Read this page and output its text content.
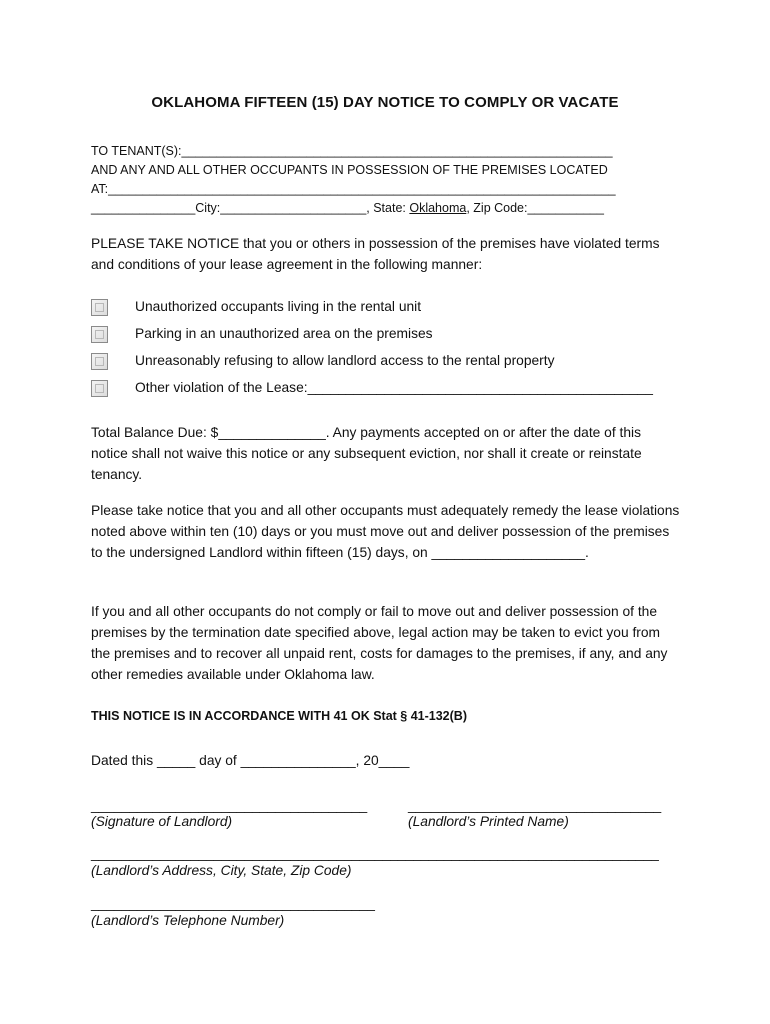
OKLAHOMA FIFTEEN (15) DAY NOTICE TO COMPLY OR VACATE
TO TENANT(S):______________________________________________________________
AND ANY AND ALL OTHER OCCUPANTS IN POSSESSION OF THE PREMISES LOCATED
AT:_________________________________________________________________________
_______________City:_____________________, State: Oklahoma, Zip Code:___________
PLEASE TAKE NOTICE that you or others in possession of the premises have violated terms and conditions of your lease agreement in the following manner:
Unauthorized occupants living in the rental unit
Parking in an unauthorized area on the premises
Unreasonably refusing to allow landlord access to the rental property
Other violation of the Lease:_____________________________________________
Total Balance Due: $______________. Any payments accepted on or after the date of this notice shall not waive this notice or any subsequent eviction, nor shall it create or reinstate tenancy.
Please take notice that you and all other occupants must adequately remedy the lease violations noted above within ten (10) days or you must move out and deliver possession of the premises to the undersigned Landlord within fifteen (15) days, on ____________________.
If you and all other occupants do not comply or fail to move out and deliver possession of the premises by the termination date specified above, legal action may be taken to evict you from the premises and to recover all unpaid rent, costs for damages to the premises, if any, and any other remedies available under Oklahoma law.
THIS NOTICE IS IN ACCORDANCE WITH 41 OK Stat § 41-132(B)
Dated this _____ day of _______________, 20____
____________________________________
(Signature of Landlord)
_________________________________
(Landlord’s Printed Name)
__________________________________________________________________________
(Landlord’s Address, City, State, Zip Code)
_____________________________________
(Landlord’s Telephone Number)
